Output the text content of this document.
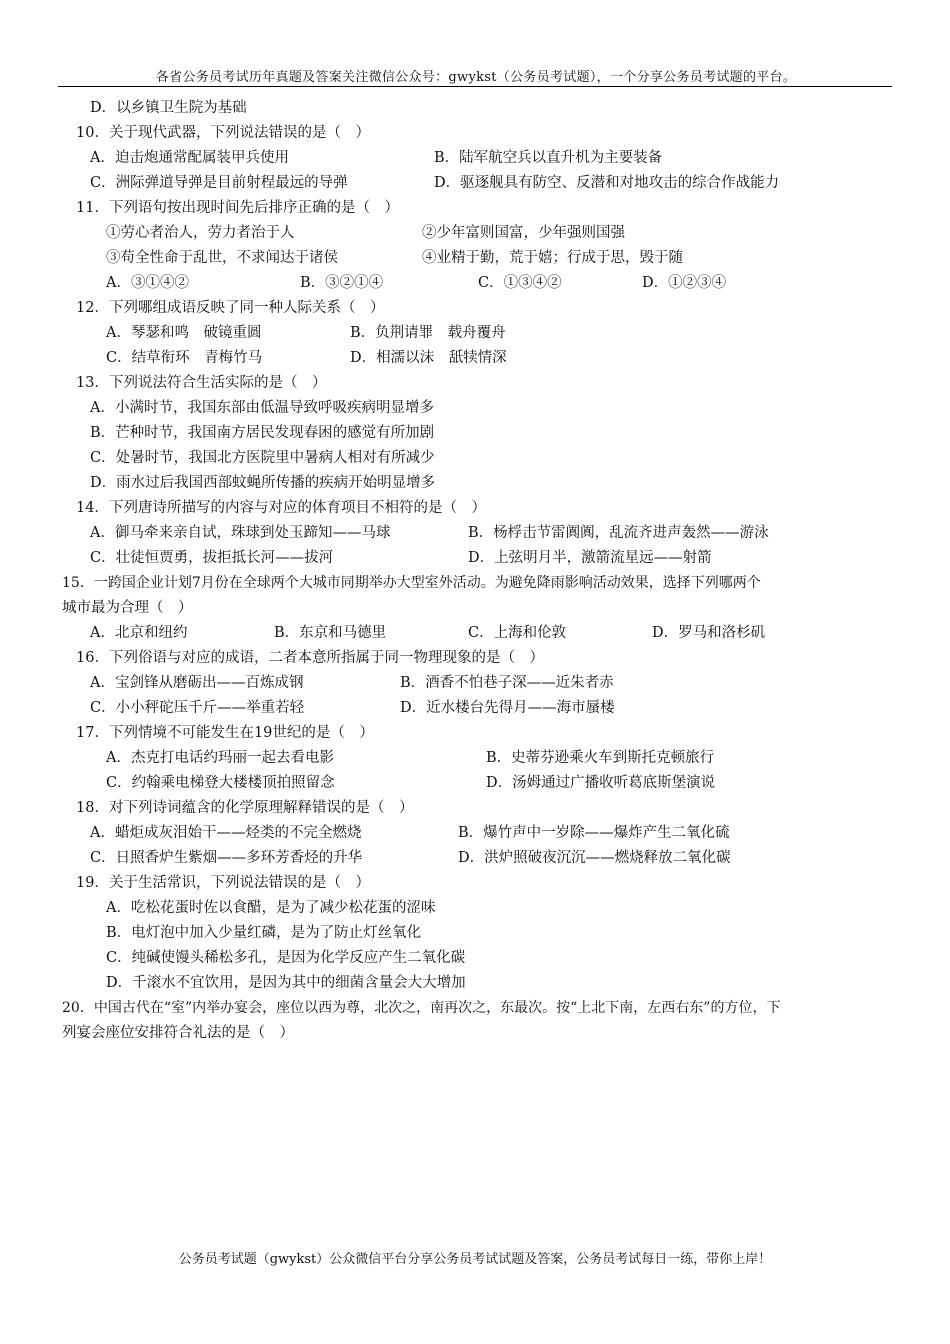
各省公务员考试历年真题及答案关注微信公众号：gwykst（公务员考试题），一个分享公务员考试题的平台。
D．以乡镇卫生院为基础
10．关于现代武器，下列说法错误的是（　）
A．迫击炮通常配属装甲兵使用	B．陆军航空兵以直升机为主要装备
C．洲际弹道导弹是目前射程最远的导弹	D．驱逐舰具有防空、反潜和对地攻击的综合作战能力
11．下列语句按出现时间先后排序正确的是（　）
①劳心者治人，劳力者治于人	②少年富则国富，少年强则国强
③苟全性命于乱世，不求闻达于诸侯	④业精于勤，荒于嬉；行成于思，毁于随
A．③①④②	B．③②①④	C．①③④②	D．①②③④
12．下列哪组成语反映了同一种人际关系（　）
A．琴瑟和鸣　破镜重圆	B．负荆请罪　载舟覆舟
C．结草衔环　青梅竹马	D．相濡以沫　舐犊情深
13．下列说法符合生活实际的是（　）
A．小满时节，我国东部由低温导致呼吸疾病明显增多
B．芒种时节，我国南方居民发现春困的感觉有所加剧
C．处暑时节，我国北方医院里中暑病人相对有所减少
D．雨水过后我国西部蚊蝇所传播的疾病开始明显增多
14．下列唐诗所描写的内容与对应的体育项目不相符的是（　）
A．御马牵来亲自试，珠球到处玉蹄知——马球	B．杨桴击节雷阗阗，乱流齐进声轰然——游泳
C．壮徒恒贾勇，拔拒抵长河——拔河	D．上弦明月半，激箭流星远——射箭
15．一跨国企业计划7月份在全球两个大城市同期举办大型室外活动。为避免降雨影响活动效果，选择下列哪两个
城市最为合理（　）
A．北京和纽约	B．东京和马德里	C．上海和伦敦	D．罗马和洛杉矶
16．下列俗语与对应的成语，二者本意所指属于同一物理现象的是（　）
A．宝剑锋从磨砺出——百炼成钢	B．酒香不怕巷子深——近朱者赤
C．小小秤砣压千斤——举重若轻	D．近水楼台先得月——海市蜃楼
17．下列情境不可能发生在19世纪的是（　）
A．杰克打电话约玛丽一起去看电影	B．史蒂芬逊乘火车到斯托克顿旅行
C．约翰乘电梯登大楼楼顶拍照留念	D．汤姆通过广播收听葛底斯堡演说
18．对下列诗词蕴含的化学原理解释错误的是（　）
A．蜡炬成灰泪始干——烃类的不完全燃烧	B．爆竹声中一岁除——爆炸产生二氧化硫
C．日照香炉生紫烟——多环芳香烃的升华	D．洪炉照破夜沉沉——燃烧释放二氧化碳
19．关于生活常识，下列说法错误的是（　）
A．吃松花蛋时佐以食醋，是为了减少松花蛋的涩味
B．电灯泡中加入少量红磷，是为了防止灯丝氧化
C．纯碱使馒头稀松多孔，是因为化学反应产生二氧化碳
D．千滚水不宜饮用，是因为其中的细菌含量会大大增加
20．中国古代在“室”内举办宴会，座位以西为尊，北次之，南再次之，东最次。按“上北下南，左西右东”的方位，下
列宴会座位安排符合礼法的是（　）
公务员考试题（gwykst）公众微信平台分享公务员考试试题及答案，公务员考试每日一练，带你上岸！
